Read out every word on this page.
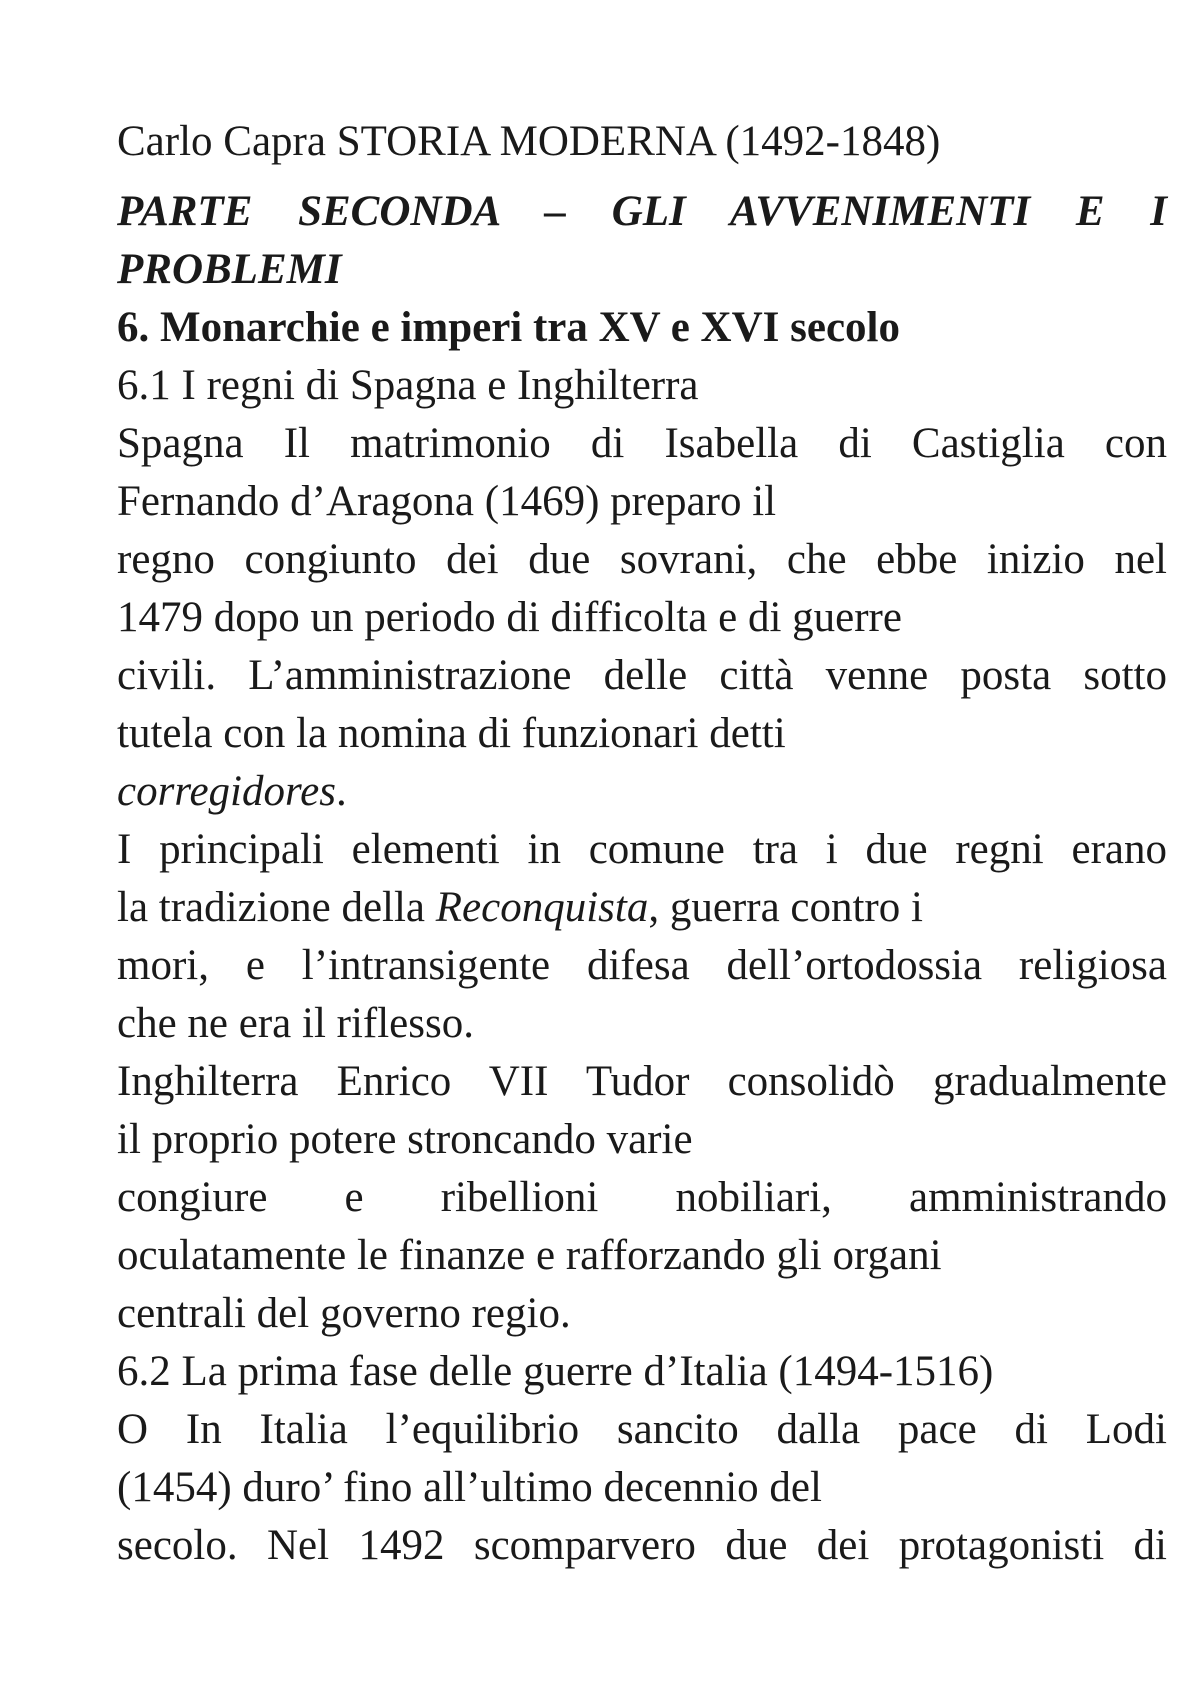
Carlo Capra STORIA MODERNA (1492-1848)
PARTE SECONDA – GLI AVVENIMENTI E I
PROBLEMI
6. Monarchie e imperi tra XV e XVI secolo
6.1 I regni di Spagna e Inghilterra
Spagna Il matrimonio di Isabella di Castiglia con
Fernando d’Aragona (1469) preparo il
regno congiunto dei due sovrani, che ebbe inizio nel
1479 dopo un periodo di difficolta e di guerre
civili. L’amministrazione delle città venne posta sotto
tutela con la nomina di funzionari detti
corregidores.
I principali elementi in comune tra i due regni erano
la tradizione della Reconquista, guerra contro i
mori, e l’intransigente difesa dell’ortodossia religiosa
che ne era il riflesso.
Inghilterra Enrico VII Tudor consolidò gradualmente
il proprio potere stroncando varie
congiure e ribellioni nobiliari, amministrando
oculatamente le finanze e rafforzando gli organi
centrali del governo regio.
6.2 La prima fase delle guerre d’Italia (1494-1516)
O In Italia l’equilibrio sancito dalla pace di Lodi
(1454) duro’ fino all’ultimo decennio del
secolo. Nel 1492 scomparvero due dei protagonisti di
